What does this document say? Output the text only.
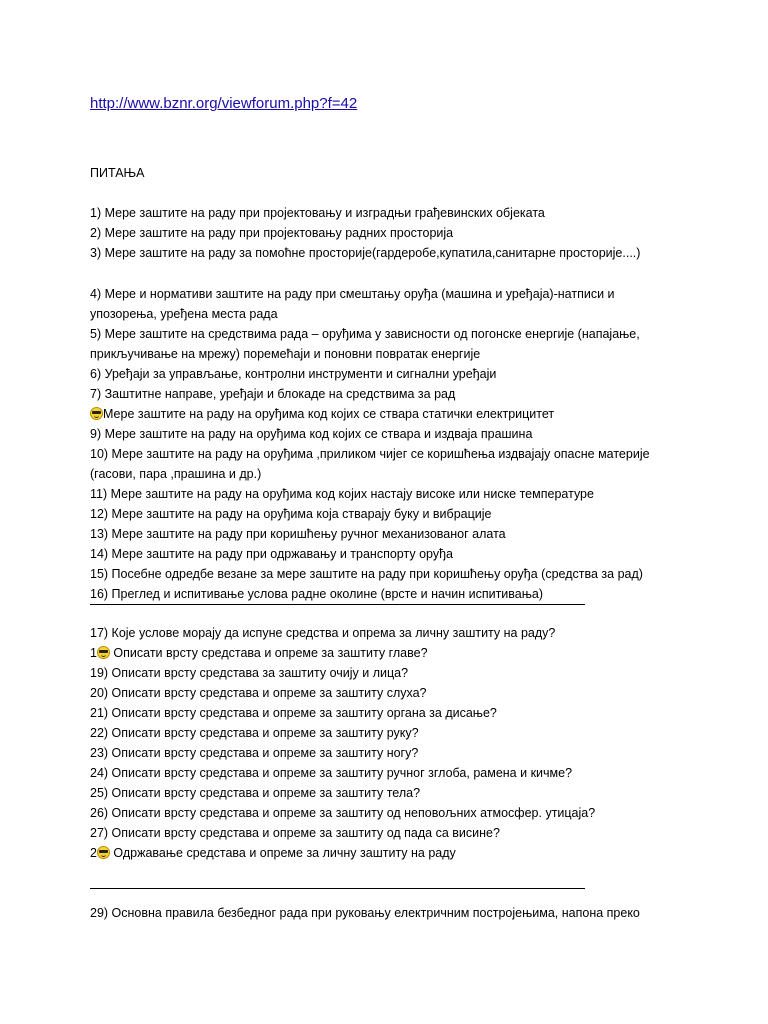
http://www.bznr.org/viewforum.php?f=42
ПИТАЊА
1) Мере заштите на раду при пројектовању и изградњи грађевинских објеката
2) Мере заштите на раду при пројектовању радних просторија
3) Мере заштите на раду за помоћне просторије(гардеробе,купатила,санитарне просторије....)
4) Мере и нормативи заштите на раду при смештању оруђа (машина и уређаја)-натписи и
упозорења, уређена места рада
5) Мере заштите на средствима рада – оруђима у зависности од погонске енергије (напајање,
прикључивање на мрежу) поремећаји и поновни повратак енергије
6) Уређаји за управљање, контролни инструменти и сигнални уређаји
7) Заштитне направе, уређаји и блокаде на средствима за рад
Мере заштите на раду на оруђима код којих се ствара статички електрицитет
9) Мере заштите на раду на оруђима код којих се ствара и издваја прашина
10) Мере заштите на раду на оруђима ,приликом чијег се коришћења издвајају опасне материје
(гасови, пара ,прашина и др.)
11) Мере заштите на раду на оруђима код којих настају високе или ниске температуре
12) Мере заштите на раду на оруђима која стварају буку и вибрације
13) Мере заштите на раду при коришћењу ручног механизованог алата
14) Мере заштите на раду при одржавању и транспорту оруђа
15) Посебне одредбе везане за мере заштите на раду при коришћењу оруђа (средства за рад)
16) Преглед и испитивање услова радне околине (врсте и начин испитивања)
17) Које услове морају да испуне средства и опрема за личну заштиту на раду?
1 Описати врсту средстава и опреме за заштиту главе?
19) Описати врсту средстава за заштиту очију и лица?
20) Описати врсту средстава и опреме за заштиту слуха?
21) Описати врсту средстава и опреме за заштиту органа за дисање?
22) Описати врсту средстава и опреме за заштиту руку?
23) Описати врсту средстава и опреме за заштиту ногу?
24) Описати врсту средстава и опреме за заштиту ручног зглоба, рамена и кичме?
25) Описати врсту средстава и опреме за заштиту тела?
26) Описати врсту средстава и опреме за заштиту од неповољних атмосфер. утицаја?
27) Описати врсту средстава и опреме за заштиту од пада са висине?
2 Одржавање средстава и опреме за личну заштиту на раду
29) Основна правила безбедног рада при руковању електричним постројењима, напона преко
